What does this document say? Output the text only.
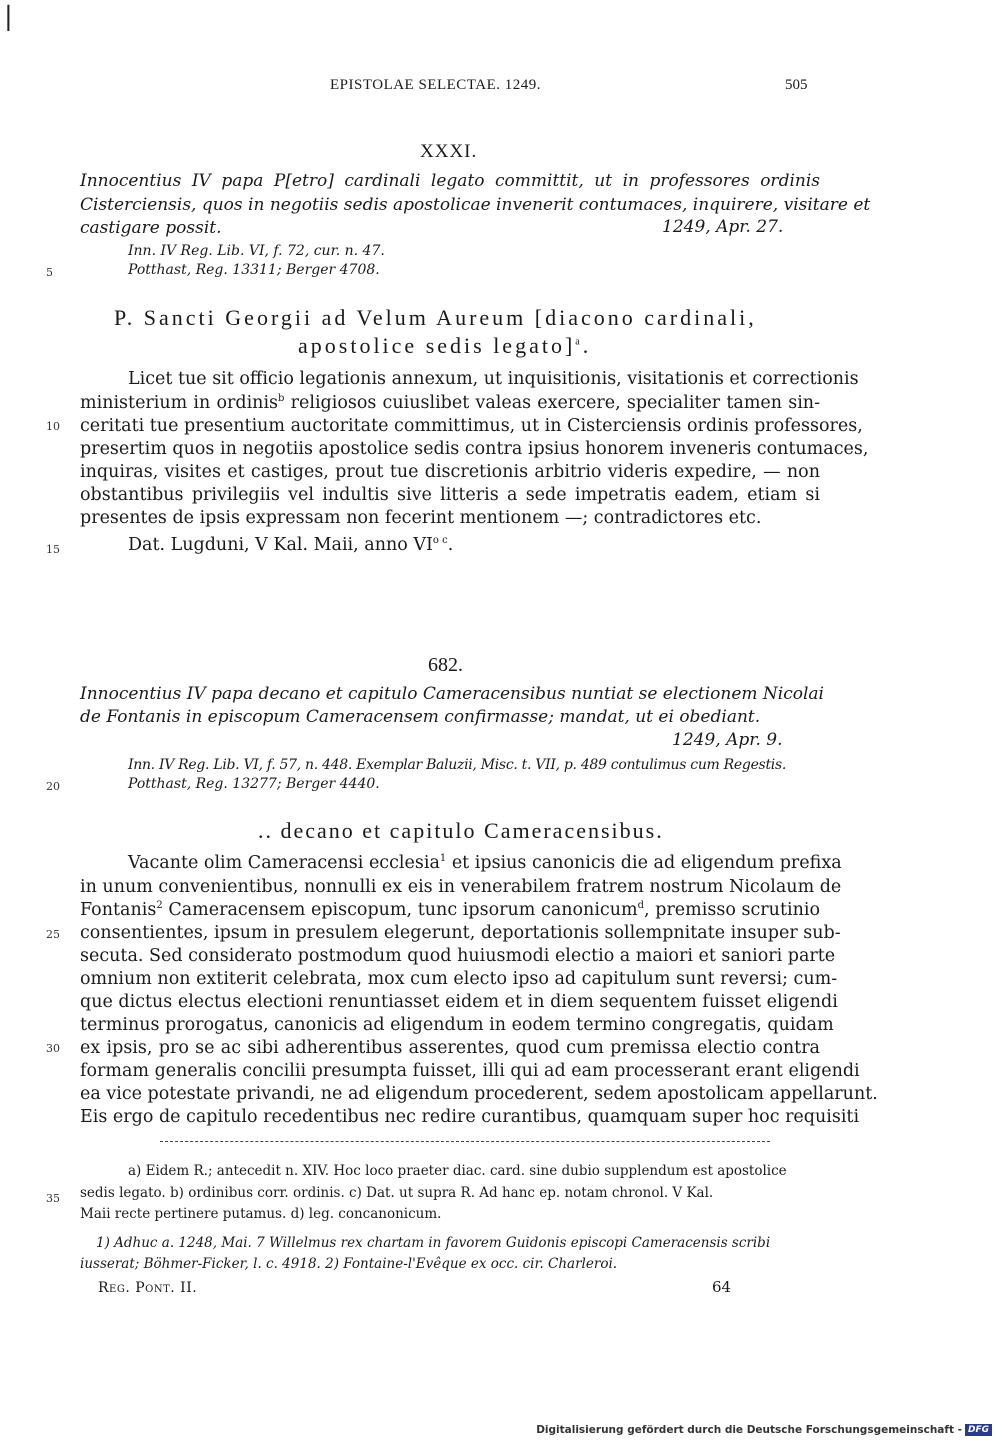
|
EPISTOLAE SELECTAE. 1249.	505
XXXI.
Innocentius IV papa P[etro] cardinali legato committit, ut in professores ordinis
Cisterciensis, quos in negotiis sedis apostolicae invenerit contumaces, inquirere, visitare et
castigare possit.	1249, Apr. 27.
Inn. IV Reg. Lib. VI, f. 72, cur. n. 47.
5	Potthast, Reg. 13311; Berger 4708.
P. Sancti Georgii ad Velum Aureum [diacono cardinali,
apostolice sedis legato]$^a$.
Licet tue sit officio legationis annexum, ut inquisitionis, visitationis et correctionis
ministerium in ordinis$^b$ religiosos cuiuslibet valeas exercere, specialiter tamen sin-
10 ceritati tue presentium auctoritate committimus, ut in Cisterciensis ordinis professores,
presertim quos in negotiis apostolice sedis contra ipsius honorem inveneris contumaces,
inquiras, visites et castiges, prout tue discretionis arbitrio videris expedire, — non
obstantibus privilegiis vel indultis sive litteris a sede impetratis eadem, etiam si
presentes de ipsis expressam non fecerint mentionem —; contradictores etc.
15	Dat. Lugduni, V Kal. Maii, anno $VI^{o c}$.
682.
Innocentius IV papa decano et capitulo Cameracensibus nuntiat se electionem Nicolai
de Fontanis in episcopum Cameracensem confirmasse; mandat, ut ei obediant.
1249, Apr. 9.
Inn. IV Reg. Lib. VI, f. 57, n. 448. Exemplar Baluzii, Misc. t. VII, p. 489 contulimus cum Regestis.
20	Potthast, Reg. 13277; Berger 4440.
.. decano et capitulo Cameracensibus.
Vacante olim Cameracensi ecclesia$^1$ et ipsius canonicis die ad eligendum prefixa
in unum convenientibus, nonnulli ex eis in venerabilem fratrem nostrum Nicolaum de
Fontanis$^2$ Cameracensem episcopum, tunc ipsorum canonicum$^d$, premisso scrutinio
25 consentientes, ipsum in presulem elegerunt, deportationis sollempnitate insuper sub-
secuta. Sed considerato postmodum quod huiusmodi electio a maiori et saniori parte
omnium non extiterit celebrata, mox cum electo ipso ad capitulum sunt reversi; cum-
que dictus electus electioni renuntiasset eidem et in diem sequentem fuisset eligendi
terminus prorogatus, canonicis ad eligendum in eodem termino congregatis, quidam
30 ex ipsis, pro se ac sibi adherentibus asserentes, quod cum premissa electio contra
formam generalis concilii presumpta fuisset, illi qui ad eam processerant erant eligendi
ea vice potestate privandi, ne ad eligendum procederent, sedem apostolicam appellarunt.
Eis ergo de capitulo recedentibus nec redire curantibus, quamquam super hoc requisiti
a) Eidem R.; antecedit n. XIV. Hoc loco praeter diac. card. sine dubio supplendum est apostolice
35 sedis legato. b) ordinibus corr. ordinis. c) Dat. ut supra R. Ad hanc ep. notam chronol. V Kal.
Maii recte pertinere putamus. d) leg. concanonicum.
1) Adhuc a. 1248, Mai. 7 Willelmus rex chartam in favorem Guidonis episcopi Cameracensis scribi
iusserat; Böhmer-Ficker, l. c. 4918. 2) Fontaine-l'Evêque ex occ. cir. Charleroi.
Reg. Pont. II.	64
Digitalisierung gefördert durch die Deutsche Forschungsgemeinschaft - DFG
